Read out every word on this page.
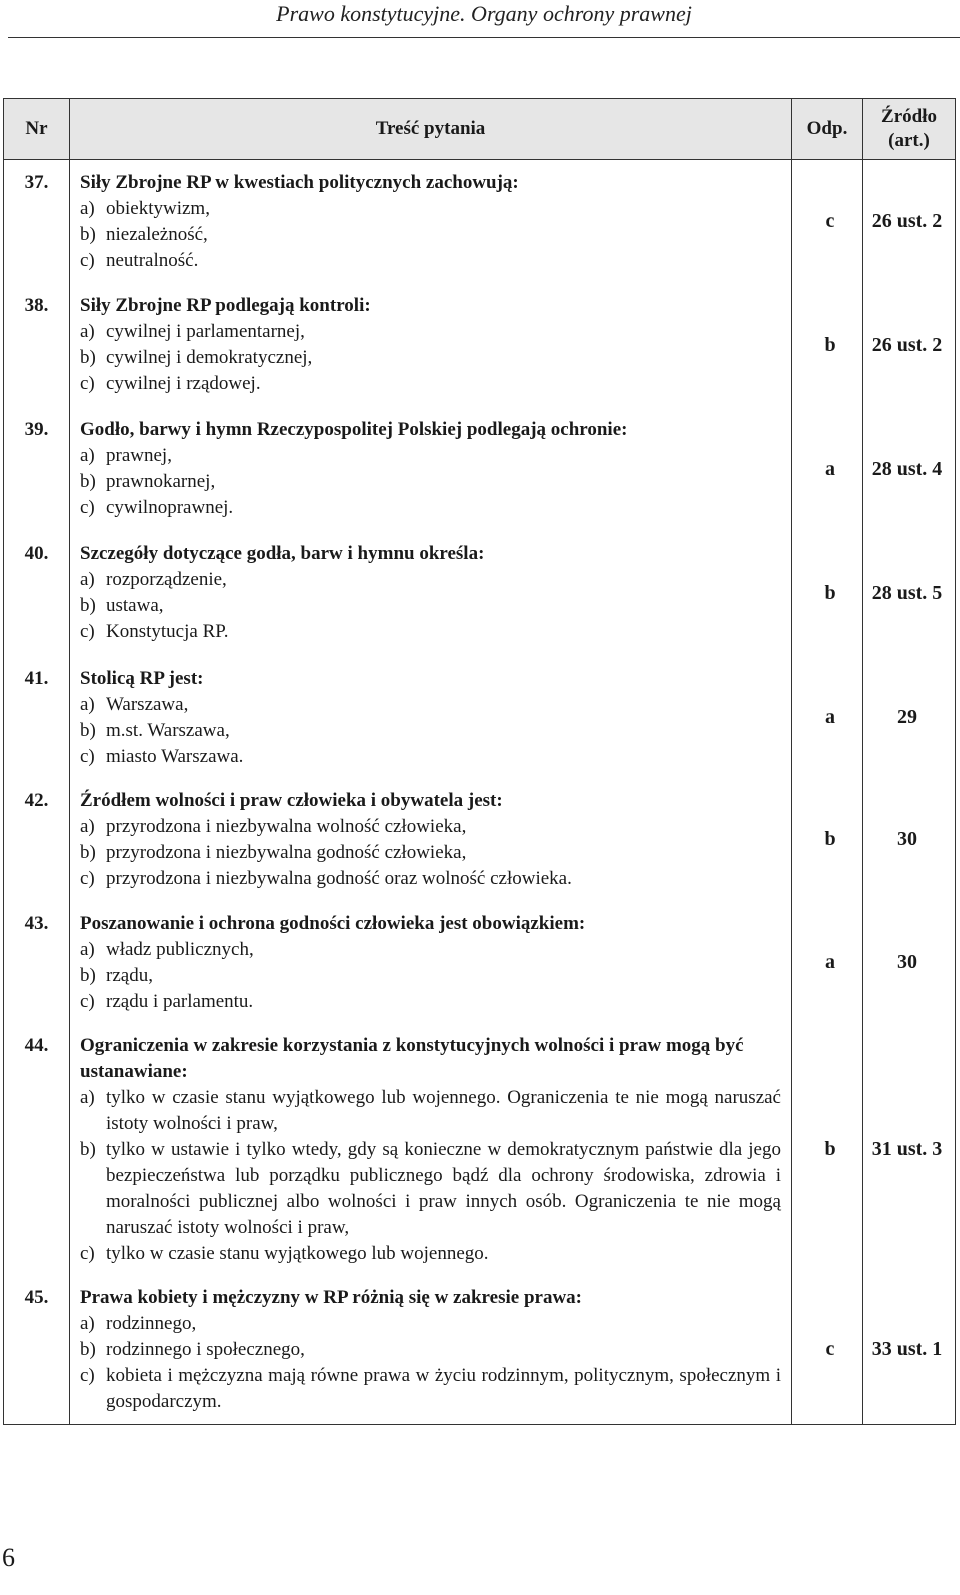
Prawo konstytucyjne. Organy ochrony prawnej
Nr	Treść pytania	Odp.	Źródło
(art.)
37.	Siły Zbrojne RP w kwestiach politycznych zachowują:
a) obiektywizm,
b) niezależność,
c) neutralność.	c	26 ust. 2
38.	Siły Zbrojne RP podlegają kontroli:
a) cywilnej i parlamentarnej,
b) cywilnej i demokratycznej,
c) cywilnej i rządowej.	b	26 ust. 2
39.	Godło, barwy i hymn Rzeczypospolitej Polskiej podlegają ochronie:
a) prawnej,
b) prawnokarnej,
c) cywilnoprawnej.	a	28 ust. 4
40.	Szczegóły dotyczące godła, barw i hymnu określa:
a) rozporządzenie,
b) ustawa,
c) Konstytucja RP.	b	28 ust. 5
41.	Stolicą RP jest:
a) Warszawa,
b) m.st. Warszawa,
c) miasto Warszawa.	a	29
42.	Źródłem wolności i praw człowieka i obywatela jest:
a) przyrodzona i niezbywalna wolność człowieka,
b) przyrodzona i niezbywalna godność człowieka,
c) przyrodzona i niezbywalna godność oraz wolność człowieka.	b	30
43.	Poszanowanie i ochrona godności człowieka jest obowiązkiem:
a) władz publicznych,
b) rządu,
c) rządu i parlamentu.	a	30
44.	Ograniczenia w zakresie korzystania z konstytucyjnych wolności i praw mogą być ustanawiane:
a) tylko w czasie stanu wyjątkowego lub wojennego. Ograniczenia te nie mogą naruszać istoty wolności i praw,
b) tylko w ustawie i tylko wtedy, gdy są konieczne w demokratycznym państwie dla jego bezpieczeństwa lub porządku publicznego bądź dla ochrony środowiska, zdrowia i moralności publicznej albo wolności i praw innych osób. Ograniczenia te nie mogą naruszać istoty wolności i praw,
c) tylko w czasie stanu wyjątkowego lub wojennego.	b	31 ust. 3
45.	Prawa kobiety i mężczyzny w RP różnią się w zakresie prawa:
a) rodzinnego,
b) rodzinnego i społecznego,
c) kobieta i mężczyzna mają równe prawa w życiu rodzinnym, politycznym, społecznym i gospodarczym.	c	33 ust. 1
6
